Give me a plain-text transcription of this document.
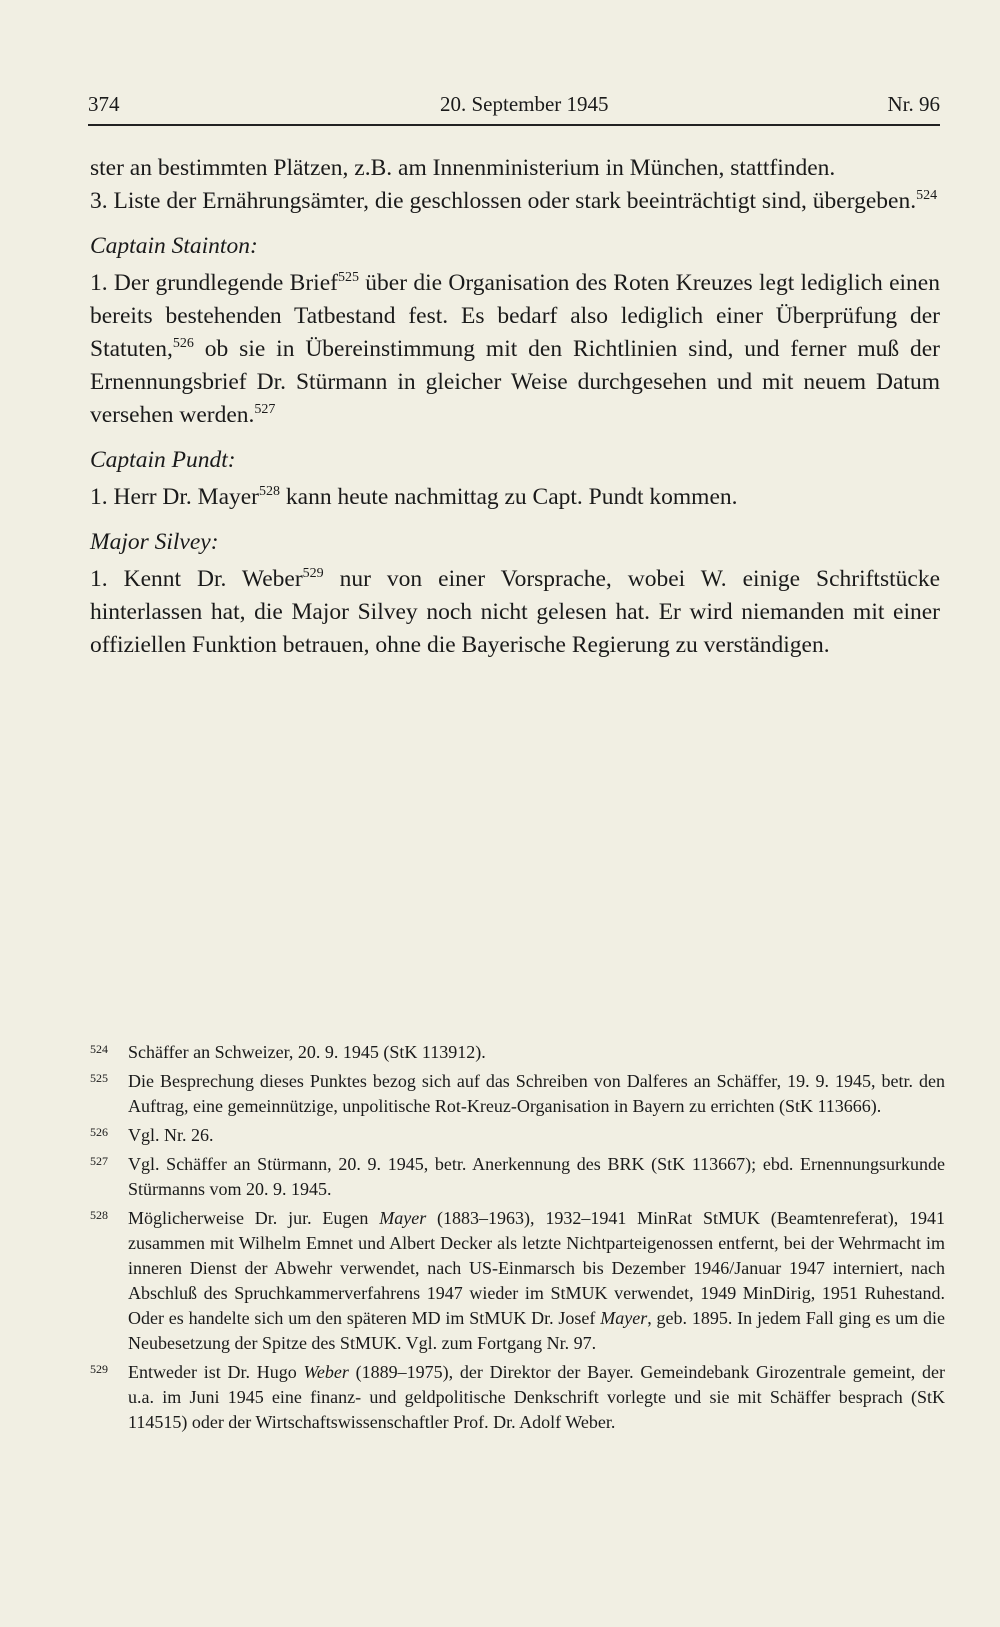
374	20. September 1945	Nr. 96

ster an bestimmten Plätzen, z.B. am Innenministerium in München, stattfinden.

3. Liste der Ernährungsämter, die geschlossen oder stark beeinträchtigt sind, übergeben.$^{524}$

Captain Stainton:

1. Der grundlegende Brief$^{525}$ über die Organisation des Roten Kreuzes legt lediglich einen bereits bestehenden Tatbestand fest. Es bedarf also lediglich einer Überprüfung der Statuten,$^{526}$ ob sie in Übereinstimmung mit den Richtlinien sind, und ferner muß der Ernennungsbrief Dr. Stürmann in gleicher Weise durchgesehen und mit neuem Datum versehen werden.$^{527}$

Captain Pundt:

1. Herr Dr. Mayer$^{528}$ kann heute nachmittag zu Capt. Pundt kommen.

Major Silvey:

1. Kennt Dr. Weber$^{529}$ nur von einer Vorsprache, wobei W. einige Schriftstücke hinterlassen hat, die Major Silvey noch nicht gelesen hat. Er wird niemanden mit einer offiziellen Funktion betrauen, ohne die Bayerische Regierung zu verständigen.

524 Schäffer an Schweizer, 20. 9. 1945 (StK 113912).

525 Die Besprechung dieses Punktes bezog sich auf das Schreiben von Dalferes an Schäffer, 19. 9. 1945, betr. den Auftrag, eine gemeinnützige, unpolitische Rot-Kreuz-Organisation in Bayern zu errichten (StK 113666).

526 Vgl. Nr. 26.

527 Vgl. Schäffer an Stürmann, 20. 9. 1945, betr. Anerkennung des BRK (StK 113667); ebd. Ernennungsurkunde Stürmanns vom 20. 9. 1945.

528 Möglicherweise Dr. jur. Eugen Mayer (1883–1963), 1932–1941 MinRat StMUK (Beamtenreferat), 1941 zusammen mit Wilhelm Emnet und Albert Decker als letzte Nichtparteigenossen entfernt, bei der Wehrmacht im inneren Dienst der Abwehr verwendet, nach US-Einmarsch bis Dezember 1946/Januar 1947 interniert, nach Abschluß des Spruchkammerverfahrens 1947 wieder im StMUK verwendet, 1949 MinDirig, 1951 Ruhestand. Oder es handelte sich um den späteren MD im StMUK Dr. Josef Mayer, geb. 1895. In jedem Fall ging es um die Neubesetzung der Spitze des StMUK. Vgl. zum Fortgang Nr. 97.

529 Entweder ist Dr. Hugo Weber (1889–1975), der Direktor der Bayer. Gemeindebank Girozentrale gemeint, der u.a. im Juni 1945 eine finanz- und geldpolitische Denkschrift vorlegte und sie mit Schäffer besprach (StK 114515) oder der Wirtschaftswissenschaftler Prof. Dr. Adolf Weber.
